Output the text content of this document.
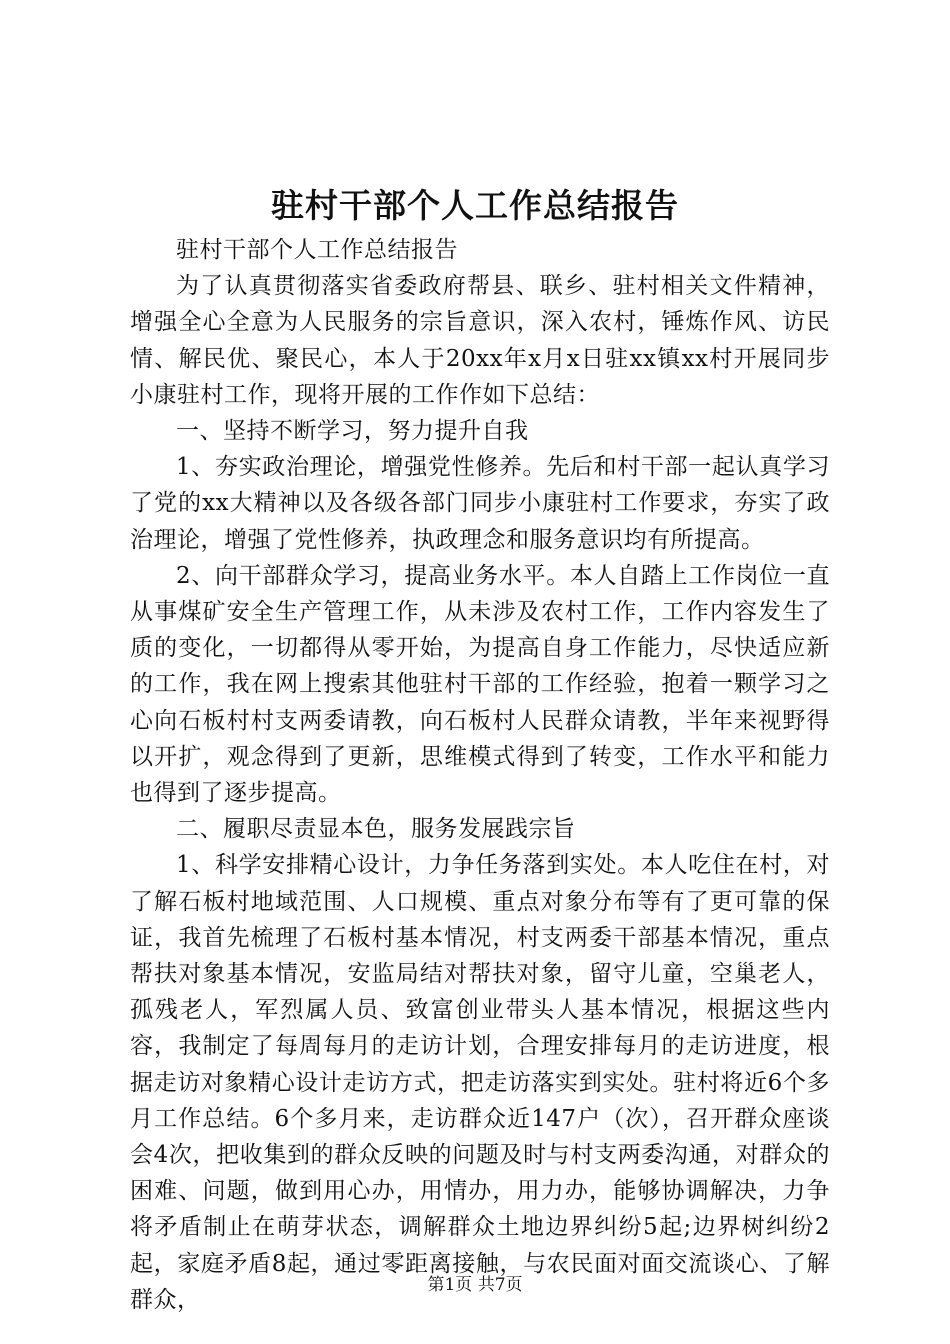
驻村干部个人工作总结报告

驻村干部个人工作总结报告

为了认真贯彻落实省委政府帮县、联乡、驻村相关文件精神，增强全心全意为人民服务的宗旨意识，深入农村，锤炼作风、访民情、解民优、聚民心，本人于20xx年x月x日驻xx镇xx村开展同步小康驻村工作，现将开展的工作作如下总结：

一、坚持不断学习，努力提升自我

1、夯实政治理论，增强党性修养。先后和村干部一起认真学习了党的xx大精神以及各级各部门同步小康驻村工作要求，夯实了政治理论，增强了党性修养，执政理念和服务意识均有所提高。

2、向干部群众学习，提高业务水平。本人自踏上工作岗位一直从事煤矿安全生产管理工作，从未涉及农村工作，工作内容发生了质的变化，一切都得从零开始，为提高自身工作能力，尽快适应新的工作，我在网上搜索其他驻村干部的工作经验，抱着一颗学习之心向石板村村支两委请教，向石板村人民群众请教，半年来视野得以开扩，观念得到了更新，思维模式得到了转变，工作水平和能力也得到了逐步提高。

二、履职尽责显本色，服务发展践宗旨

1、科学安排精心设计，力争任务落到实处。本人吃住在村，对了解石板村地域范围、人口规模、重点对象分布等有了更可靠的保证，我首先梳理了石板村基本情况，村支两委干部基本情况，重点帮扶对象基本情况，安监局结对帮扶对象，留守儿童，空巢老人，孤残老人，军烈属人员、致富创业带头人基本情况，根据这些内容，我制定了每周每月的走访计划，合理安排每月的走访进度，根据走访对象精心设计走访方式，把走访落实到实处。驻村将近6个多月工作总结。6个多月来，走访群众近147户（次），召开群众座谈会4次，把收集到的群众反映的问题及时与村支两委沟通，对群众的困难、问题，做到用心办，用情办，用力办，能够协调解决，力争将矛盾制止在萌芽状态，调解群众土地边界纠纷5起;边界树纠纷2起，家庭矛盾8起，通过零距离接触，与农民面对面交流谈心、了解群众，

第1页 共7页
